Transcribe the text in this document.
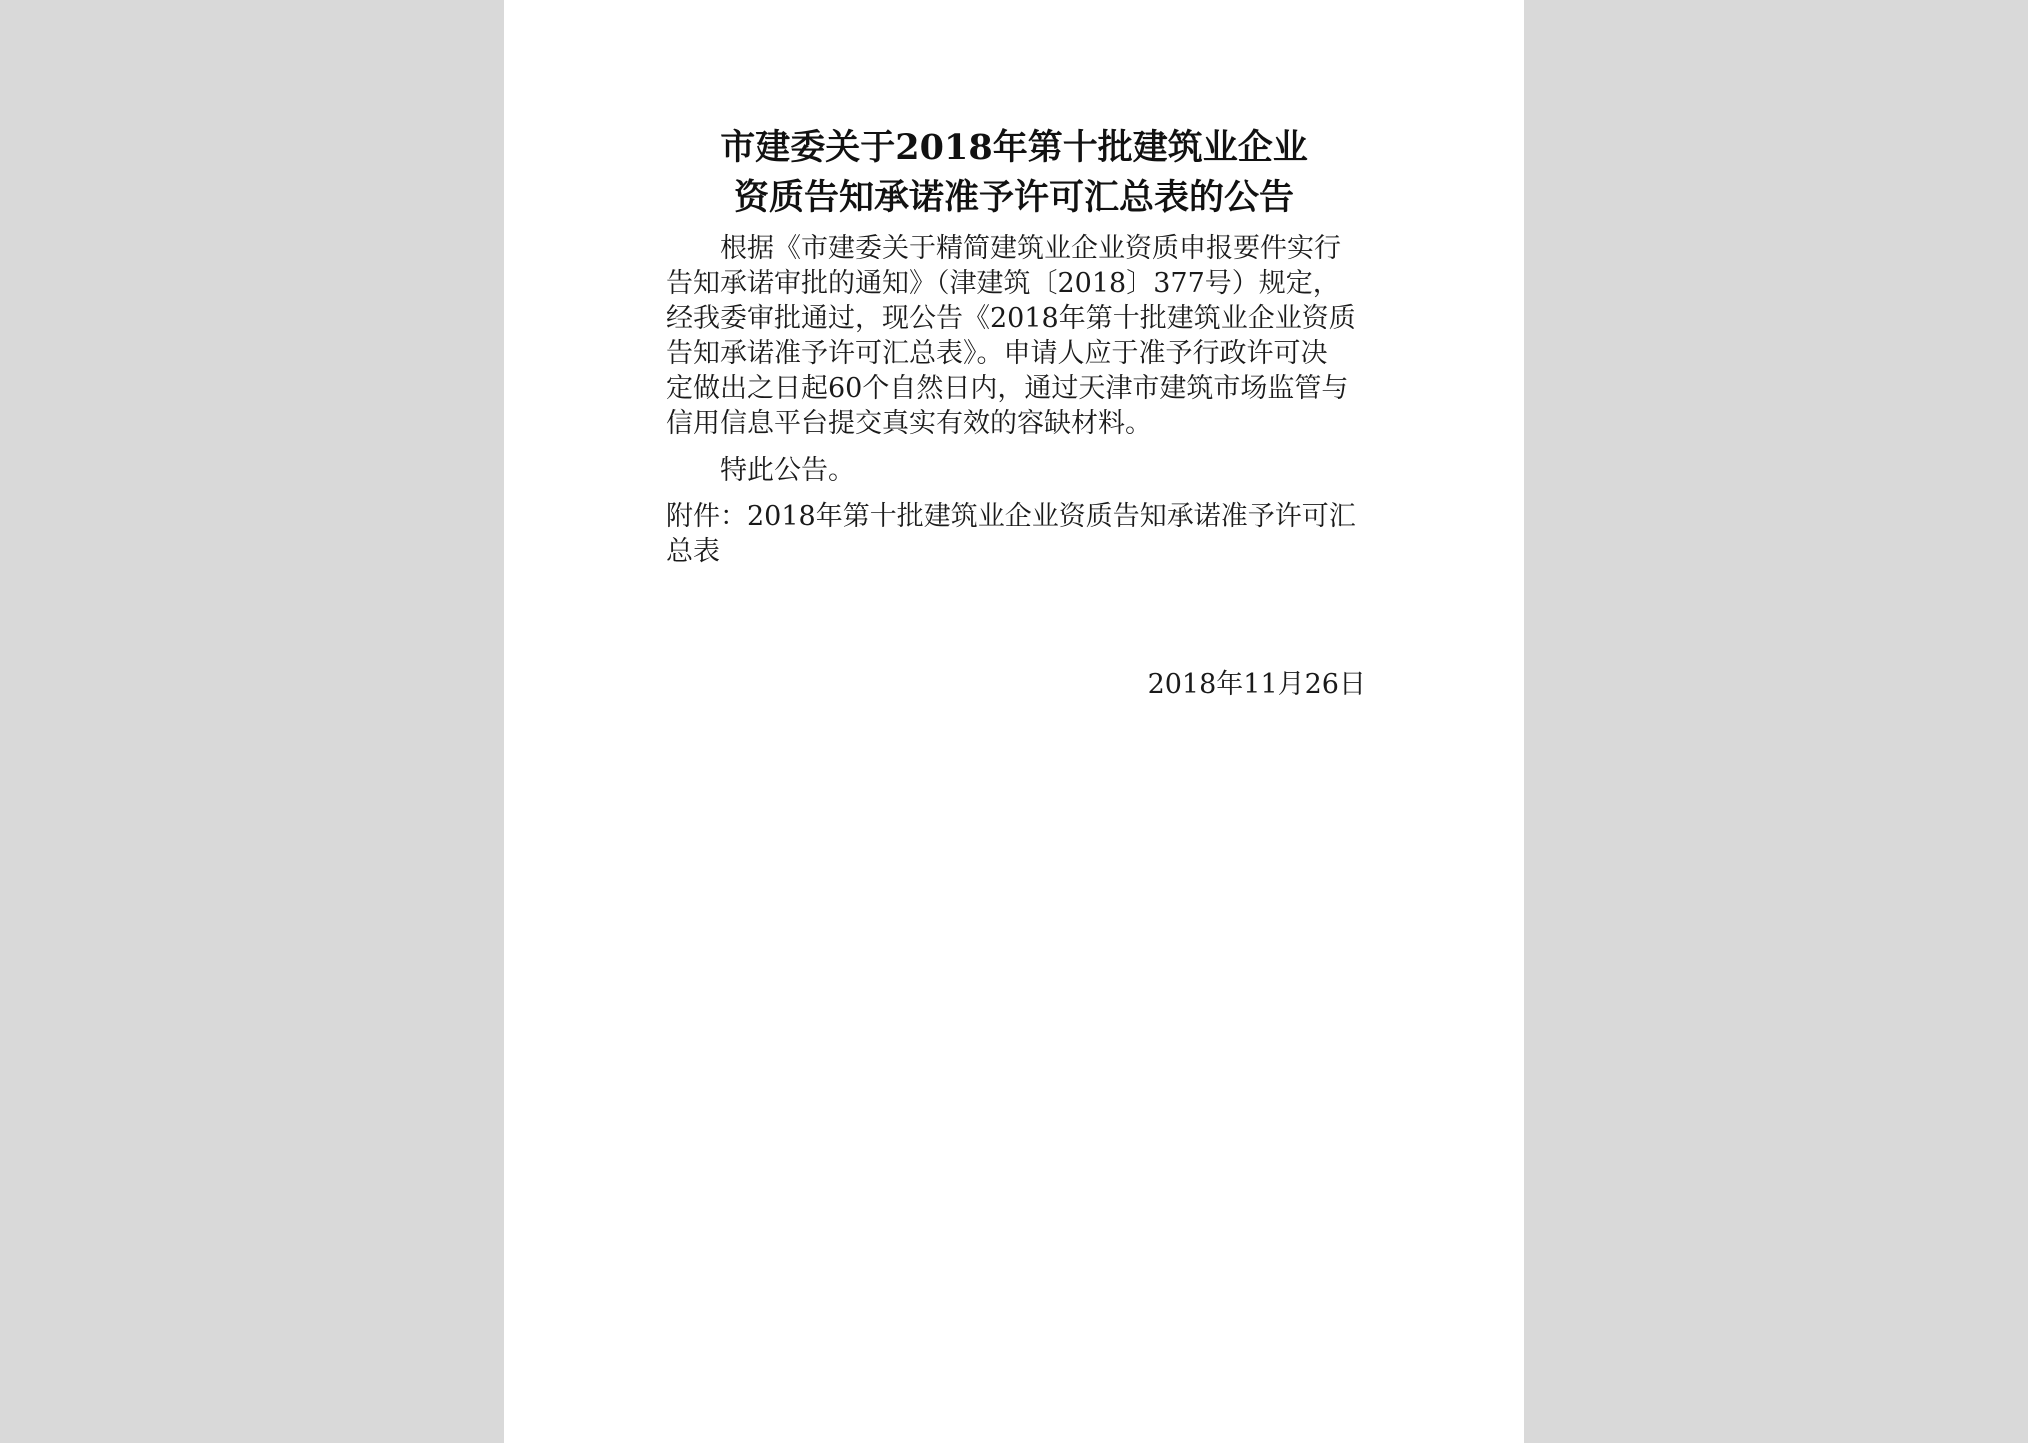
市建委关于2018年第十批建筑业企业
资质告知承诺准予许可汇总表的公告
根据《市建委关于精简建筑业企业资质申报要件实行
告知承诺审批的通知》（津建筑〔2018〕377号）规定，
经我委审批通过，现公告《2018年第十批建筑业企业资质
告知承诺准予许可汇总表》。申请人应于准予行政许可决
定做出之日起60个自然日内，通过天津市建筑市场监管与
信用信息平台提交真实有效的容缺材料。
特此公告。
附件：2018年第十批建筑业企业资质告知承诺准予许可汇
总表
2018年11月26日
